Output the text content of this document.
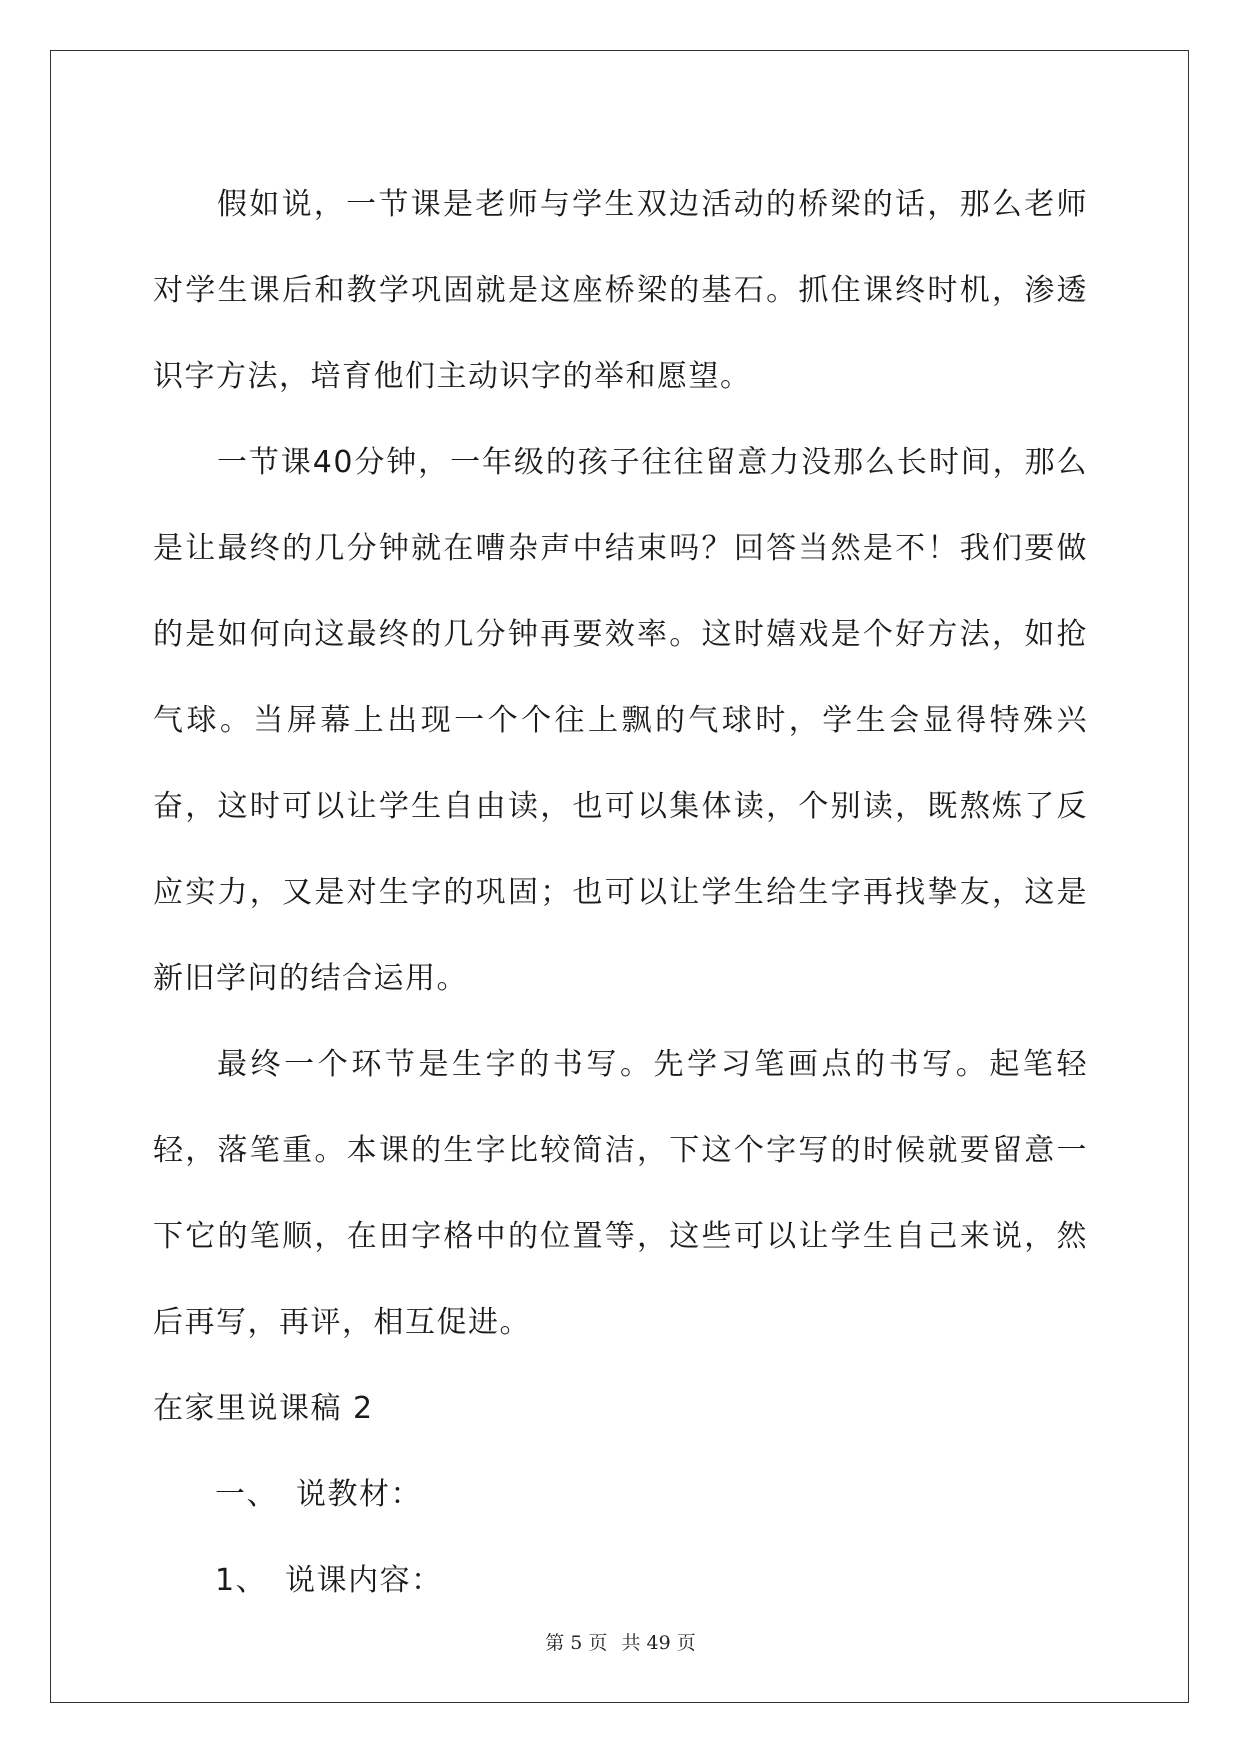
假如说，一节课是老师与学生双边活动的桥梁的话，那么老师对学生课后和教学巩固就是这座桥梁的基石。抓住课终时机，渗透识字方法，培育他们主动识字的举和愿望。

一节课40分钟，一年级的孩子往往留意力没那么长时间，那么是让最终的几分钟就在嘈杂声中结束吗？回答当然是不！我们要做的是如何向这最终的几分钟再要效率。这时嬉戏是个好方法，如抢气球。当屏幕上出现一个个往上飘的气球时，学生会显得特殊兴奋，这时可以让学生自由读，也可以集体读，个别读，既熬炼了反应实力，又是对生字的巩固；也可以让学生给生字再找挚友，这是新旧学问的结合运用。

最终一个环节是生字的书写。先学习笔画点的书写。起笔轻轻，落笔重。本课的生字比较简洁，下这个字写的时候就要留意一下它的笔顺，在田字格中的位置等，这些可以让学生自己来说，然后再写，再评，相互促进。

在家里说课稿 2

一、 说教材：

1、 说课内容：

第 5 页 共 49 页
